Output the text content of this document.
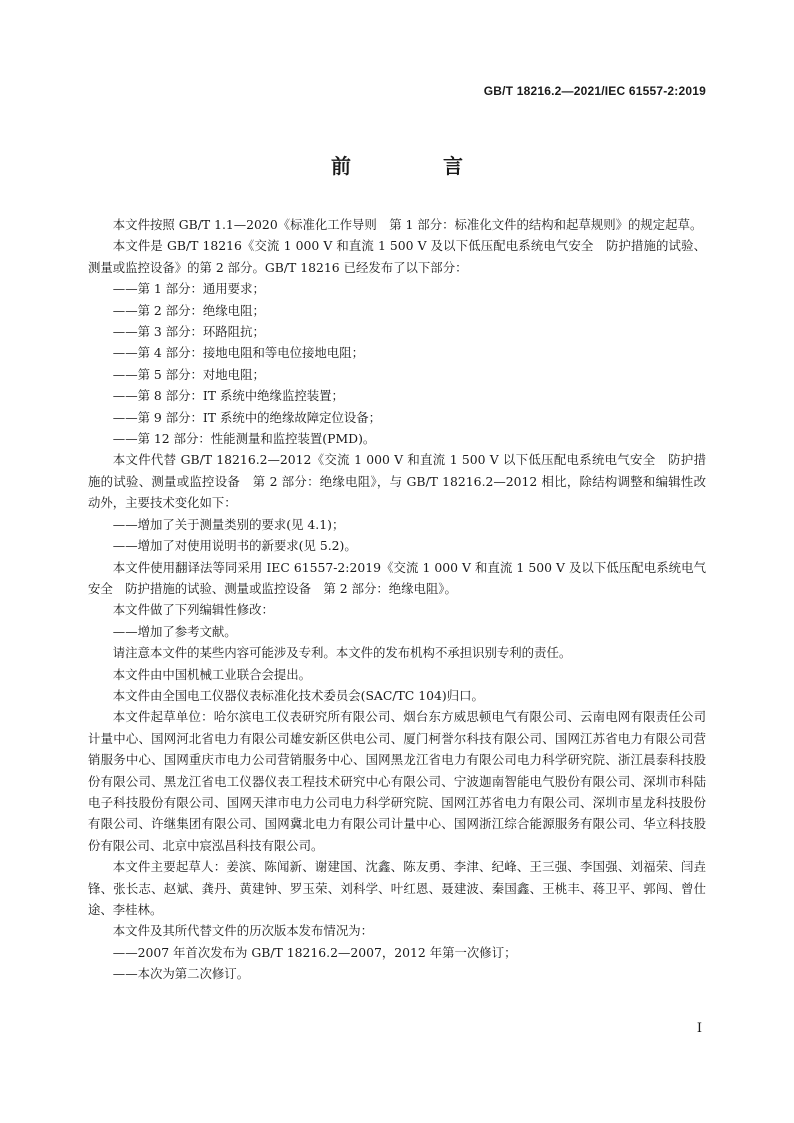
GB/T 18216.2—2021/IEC 61557-2:2019
前　言

本文件按照 GB/T 1.1—2020《标准化工作导则　第 1 部分：标准化文件的结构和起草规则》的规定起草。

本文件是 GB/T 18216《交流 1 000 V 和直流 1 500 V 及以下低压配电系统电气安全　防护措施的试验、测量或监控设备》的第 2 部分。GB/T 18216 已经发布了以下部分：

——第 1 部分：通用要求；

——第 2 部分：绝缘电阻；

——第 3 部分：环路阻抗；

——第 4 部分：接地电阻和等电位接地电阻；

——第 5 部分：对地电阻；

——第 8 部分：IT 系统中绝缘监控装置；

——第 9 部分：IT 系统中的绝缘故障定位设备；

——第 12 部分：性能测量和监控装置(PMD)。

本文件代替 GB/T 18216.2—2012《交流 1 000 V 和直流 1 500 V 以下低压配电系统电气安全　防护措施的试验、测量或监控设备　第 2 部分：绝缘电阻》，与 GB/T 18216.2—2012 相比，除结构调整和编辑性改动外，主要技术变化如下：

——增加了关于测量类别的要求(见 4.1)；

——增加了对使用说明书的新要求(见 5.2)。

本文件使用翻译法等同采用 IEC 61557-2:2019《交流 1 000 V 和直流 1 500 V 及以下低压配电系统电气安全　防护措施的试验、测量或监控设备　第 2 部分：绝缘电阻》。

本文件做了下列编辑性修改：

——增加了参考文献。

请注意本文件的某些内容可能涉及专利。本文件的发布机构不承担识别专利的责任。

本文件由中国机械工业联合会提出。

本文件由全国电工仪器仪表标准化技术委员会(SAC/TC 104)归口。

本文件起草单位：哈尔滨电工仪表研究所有限公司、烟台东方威思顿电气有限公司、云南电网有限责任公司计量中心、国网河北省电力有限公司雄安新区供电公司、厦门柯誉尔科技有限公司、国网江苏省电力有限公司营销服务中心、国网重庆市电力公司营销服务中心、国网黑龙江省电力有限公司电力科学研究院、浙江晨泰科技股份有限公司、黑龙江省电工仪器仪表工程技术研究中心有限公司、宁波迦南智能电气股份有限公司、深圳市科陆电子科技股份有限公司、国网天津市电力公司电力科学研究院、国网江苏省电力有限公司、深圳市星龙科技股份有限公司、许继集团有限公司、国网冀北电力有限公司计量中心、国网浙江综合能源服务有限公司、华立科技股份有限公司、北京中宸泓昌科技有限公司。

本文件主要起草人：姜滨、陈闻新、谢建国、沈鑫、陈友勇、李津、纪峰、王三强、李国强、刘福荣、闫垚锋、张长志、赵斌、龚丹、黄建钟、罗玉荣、刘科学、叶红恩、聂建波、秦国鑫、王桃丰、蒋卫平、郭闯、曾仕途、李桂林。

本文件及其所代替文件的历次版本发布情况为：

——2007 年首次发布为 GB/T 18216.2—2007，2012 年第一次修订；

——本次为第二次修订。

I
